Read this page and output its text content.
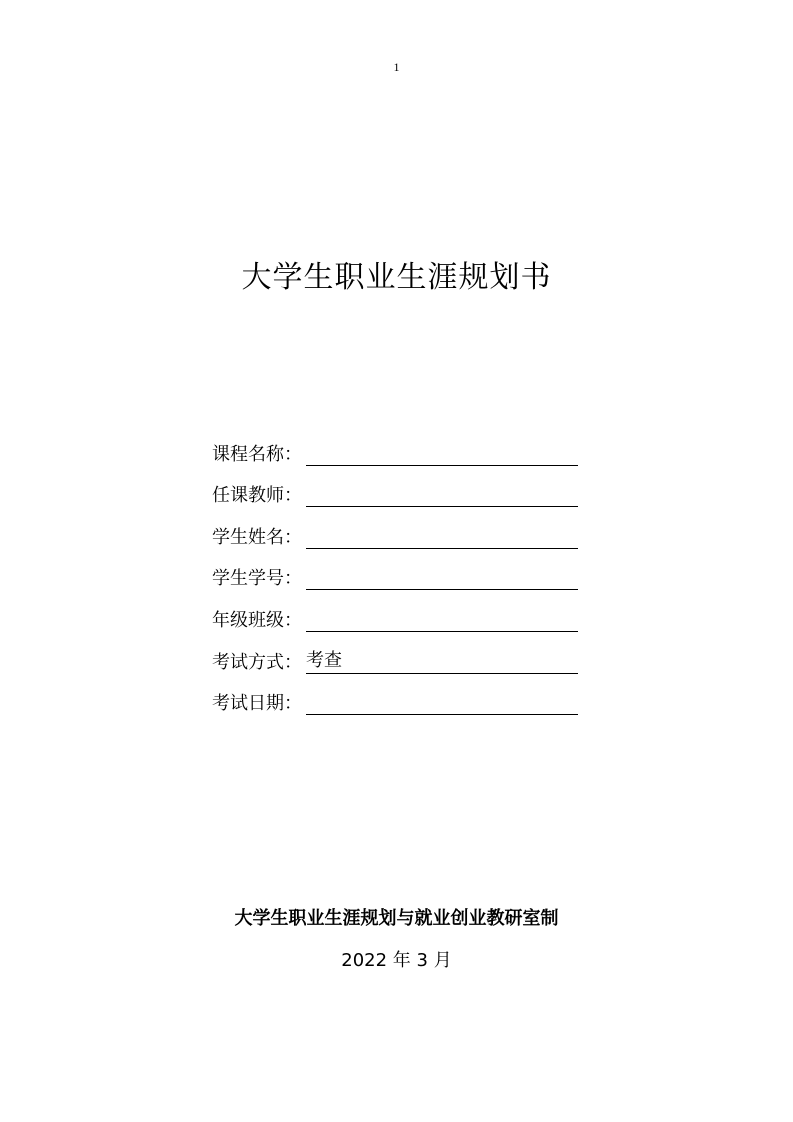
1
大学生职业生涯规划书
课程名称：
任课教师：
学生姓名：
学生学号：
年级班级：
考试方式： 考查
考试日期：
大学生职业生涯规划与就业创业教研室制
2022 年 3 月
